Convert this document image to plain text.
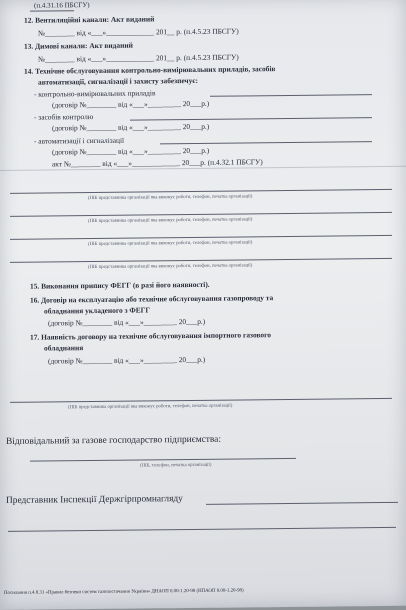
(п.4.31.16 ПБСГУ)
12. Вентиляційні канали: Акт виданий
№________ від «___»_____________ 201__ р. (п.4.5.23 ПБСГУ)
13. Димові канали: Акт виданий
№________ від «___»_____________ 201__ р. (п.4.5.23 ПБСГУ)
14. Технічне обслуговування контрольно-вимірювальних приладів, засобів
автоматизації, сигналізації і захисту забезпечує:
- контрольно-вимірювальних приладів
(договір №________ від «___»_________ 20___р.)
- засобів контролю
(договір №________ від «___»_________ 20___р.)
- автоматизації і сигналізації
(договір №________ від «___»_________ 20___р.)
акт №________ від «___»_____________ 20___р. (п.4.32.1 ПБСГУ)
(ПІБ представника організації яка виконує роботи, телефон, печатка організації)
(ПІБ представника організації яка виконує роботи, телефон, печатка організації)
(ПІБ представника організації яка виконує роботи, телефон, печатка організації)
(ПІБ представника організації яка виконує роботи, телефон, печатка організації)
15. Виконання припису ФЕГГ (в разі його наявності).
16. Договір на експлуатацію або технічне обслуговування газопроводу та
обладнання укладеного з ФЕГГ
(договір №________ від «___»_________ 20___р.)
17. Наявність договору на технічне обслуговування імпортного газового
обладнання
(договір №________ від «___»_________ 20___р.)
(ПІБ представника організації яка виконує роботи, телефон, печатка організації)
Відповідальний за газове господарство підприємства:
(ПІБ, телефон, печатка організації)
Представник Інспекції Держгірпромнагляду
Посилання п.4.8.31 «Правил безпеки систем газопостачання України» ДНАОП 0.00-1.20-98 (НПАОП 0.00-1.20-98)
